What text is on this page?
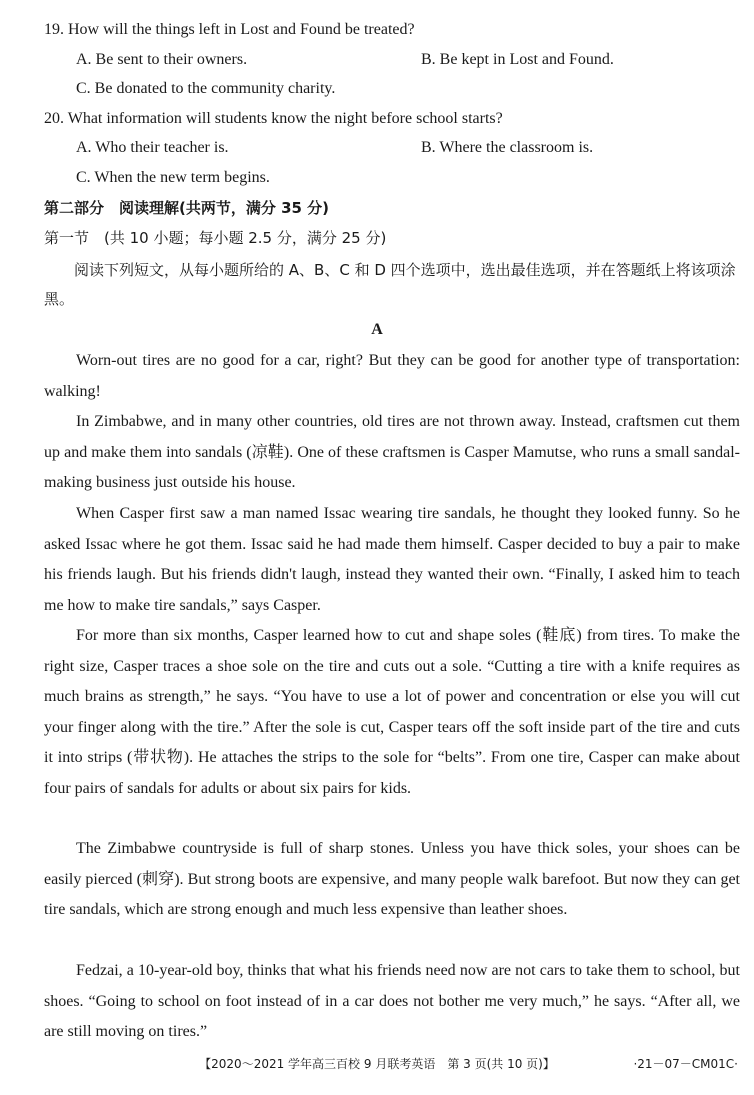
19. How will the things left in Lost and Found be treated?
A. Be sent to their owners.	B. Be kept in Lost and Found.
C. Be donated to the community charity.
20. What information will students know the night before school starts?
A. Who their teacher is.	B. Where the classroom is.
C. When the new term begins.
第二部分　阅读理解(共两节，满分 35 分)
第一节　(共 10 小题；每小题 2.5 分，满分 25 分)
阅读下列短文，从每小题所给的 A、B、C 和 D 四个选项中，选出最佳选项，并在答题纸上将该项涂黑。
A
Worn-out tires are no good for a car, right? But they can be good for another type of transportation: walking!
In Zimbabwe, and in many other countries, old tires are not thrown away. Instead, craftsmen cut them up and make them into sandals (凉鞋). One of these craftsmen is Casper Mamutse, who runs a small sandal-making business just outside his house.
When Casper first saw a man named Issac wearing tire sandals, he thought they looked funny. So he asked Issac where he got them. Issac said he had made them himself. Casper decided to buy a pair to make his friends laugh. But his friends didn't laugh, instead they wanted their own. “Finally, I asked him to teach me how to make tire sandals,” says Casper.
For more than six months, Casper learned how to cut and shape soles (鞋底) from tires. To make the right size, Casper traces a shoe sole on the tire and cuts out a sole. “Cutting a tire with a knife requires as much brains as strength,” he says. “You have to use a lot of power and concentration or else you will cut your finger along with the tire.” After the sole is cut, Casper tears off the soft inside part of the tire and cuts it into strips (带状物). He attaches the strips to the sole for “belts”. From one tire, Casper can make about four pairs of sandals for adults or about six pairs for kids.
The Zimbabwe countryside is full of sharp stones. Unless you have thick soles, your shoes can be easily pierced (刺穿). But strong boots are expensive, and many people walk barefoot. But now they can get tire sandals, which are strong enough and much less expensive than leather shoes.
Fedzai, a 10-year-old boy, thinks that what his friends need now are not cars to take them to school, but shoes. “Going to school on foot instead of in a car does not bother me very much,” he says. “After all, we are still moving on tires.”
【2020～2021 学年高三百校 9 月联考英语　第 3 页(共 10 页)】	·21－07－CM01C·
